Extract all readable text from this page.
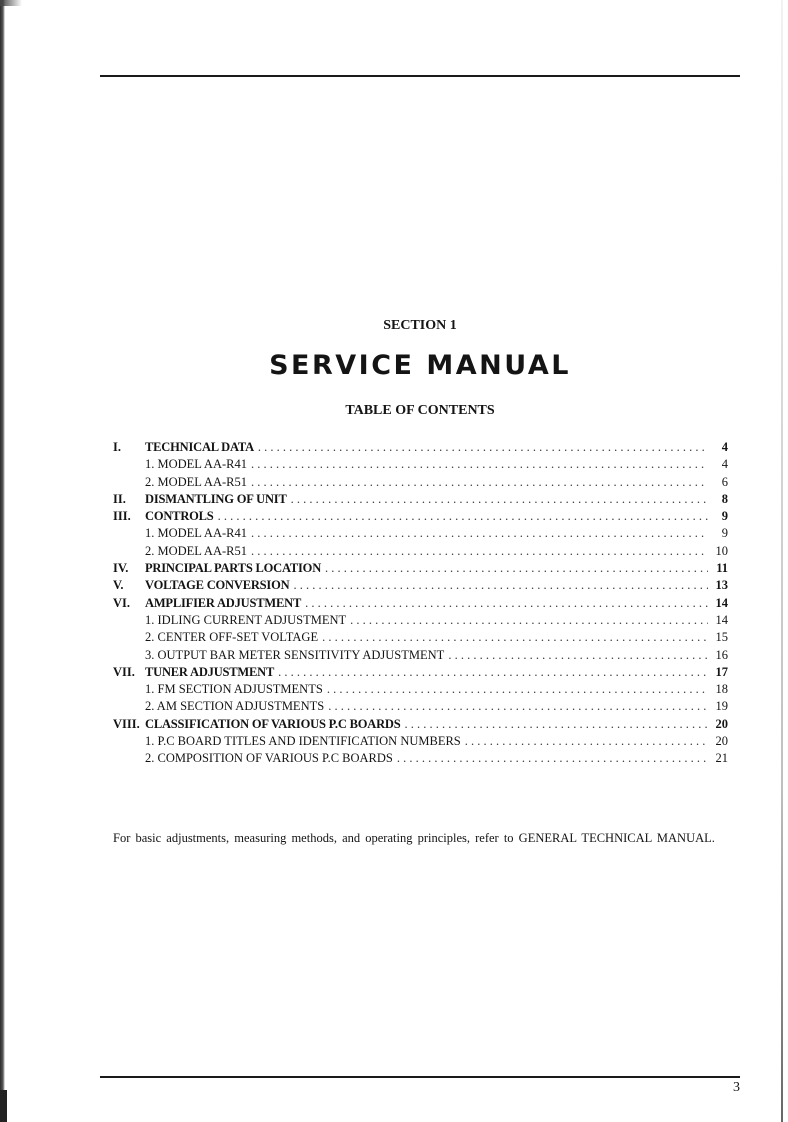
SECTION 1
SERVICE MANUAL
TABLE OF CONTENTS
I.	TECHNICAL DATA . . .	4
1. MODEL AA-R41 . . .	4
2. MODEL AA-R51 . . .	6
II.	DISMANTLING OF UNIT . . .	8
III.	CONTROLS . . .	9
1. MODEL AA-R41 . . .	9
2. MODEL AA-R51 . . .	10
IV.	PRINCIPAL PARTS LOCATION . . .	11
V.	VOLTAGE CONVERSION . . .	13
VI.	AMPLIFIER ADJUSTMENT . . .	14
1. IDLING CURRENT ADJUSTMENT . . .	14
2. CENTER OFF-SET VOLTAGE . . .	15
3. OUTPUT BAR METER SENSITIVITY ADJUSTMENT . . .	16
VII. TUNER ADJUSTMENT . . .	17
1. FM SECTION ADJUSTMENTS . . .	18
2. AM SECTION ADJUSTMENTS . . .	19
VIII. CLASSIFICATION OF VARIOUS P.C BOARDS . . .	20
1. P.C BOARD TITLES AND IDENTIFICATION NUMBERS . . .	20
2. COMPOSITION OF VARIOUS P.C BOARDS . . .	21

For basic adjustments, measuring methods, and operating principles, refer to GENERAL TECHNICAL MANUAL.

3
